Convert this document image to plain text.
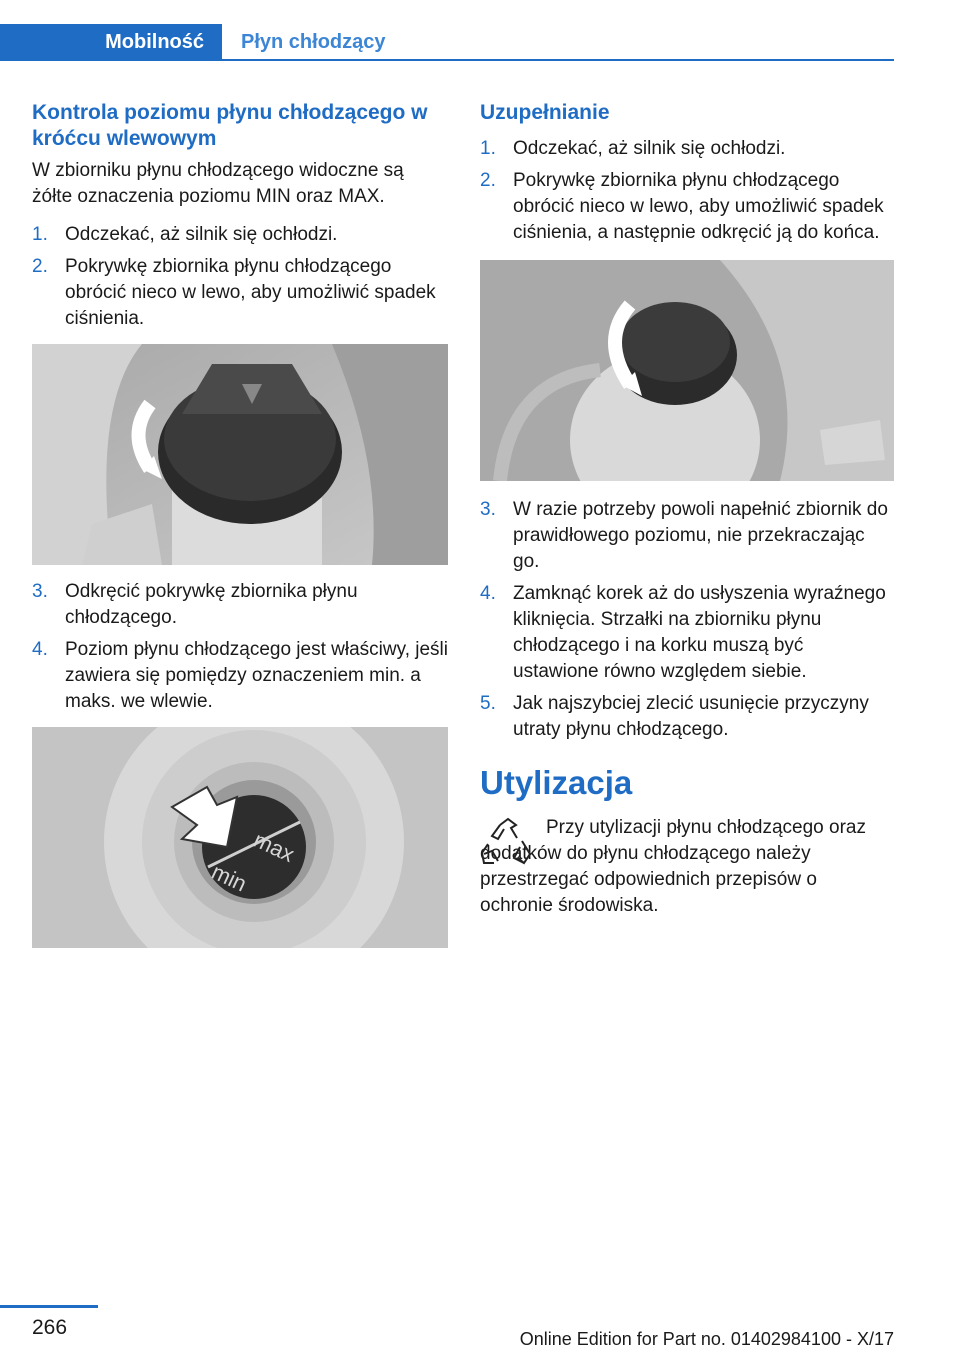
Mobilność	Płyn chłodzący
Kontrola poziomu płynu chłodzącego w króćcu wlewowym

W zbiorniku płynu chłodzącego widoczne są żółte oznaczenia poziomu MIN oraz MAX.

1. Odczekać, aż silnik się ochłodzi.
2. Pokrywkę zbiornika płynu chłodzącego obrócić nieco w lewo, aby umożliwić spadek ciśnienia.
3. Odkręcić pokrywkę zbiornika płynu chłodzącego.
4. Poziom płynu chłodzącego jest właściwy, jeśli zawiera się pomiędzy oznaczeniem min. a maks. we wlewie.
max
min
Uzupełnianie
1. Odczekać, aż silnik się ochłodzi.
2. Pokrywkę zbiornika płynu chłodzącego obrócić nieco w lewo, aby umożliwić spadek ciśnienia, a następnie odkręcić ją do końca.
3. W razie potrzeby powoli napełnić zbiornik do prawidłowego poziomu, nie przekraczając go.
4. Zamknąć korek aż do usłyszenia wyraźnego kliknięcia. Strzałki na zbiorniku płynu chłodzącego i na korku muszą być ustawione równo względem siebie.
5. Jak najszybciej zlecić usunięcie przyczyny utraty płynu chłodzącego.
Utylizacja

Przy utylizacji płynu chłodzącego oraz dodatków do płynu chłodzącego należy przestrzegać odpowiednich przepisów o ochronie środowiska.

266	Online Edition for Part no. 01402984100 - X/17
